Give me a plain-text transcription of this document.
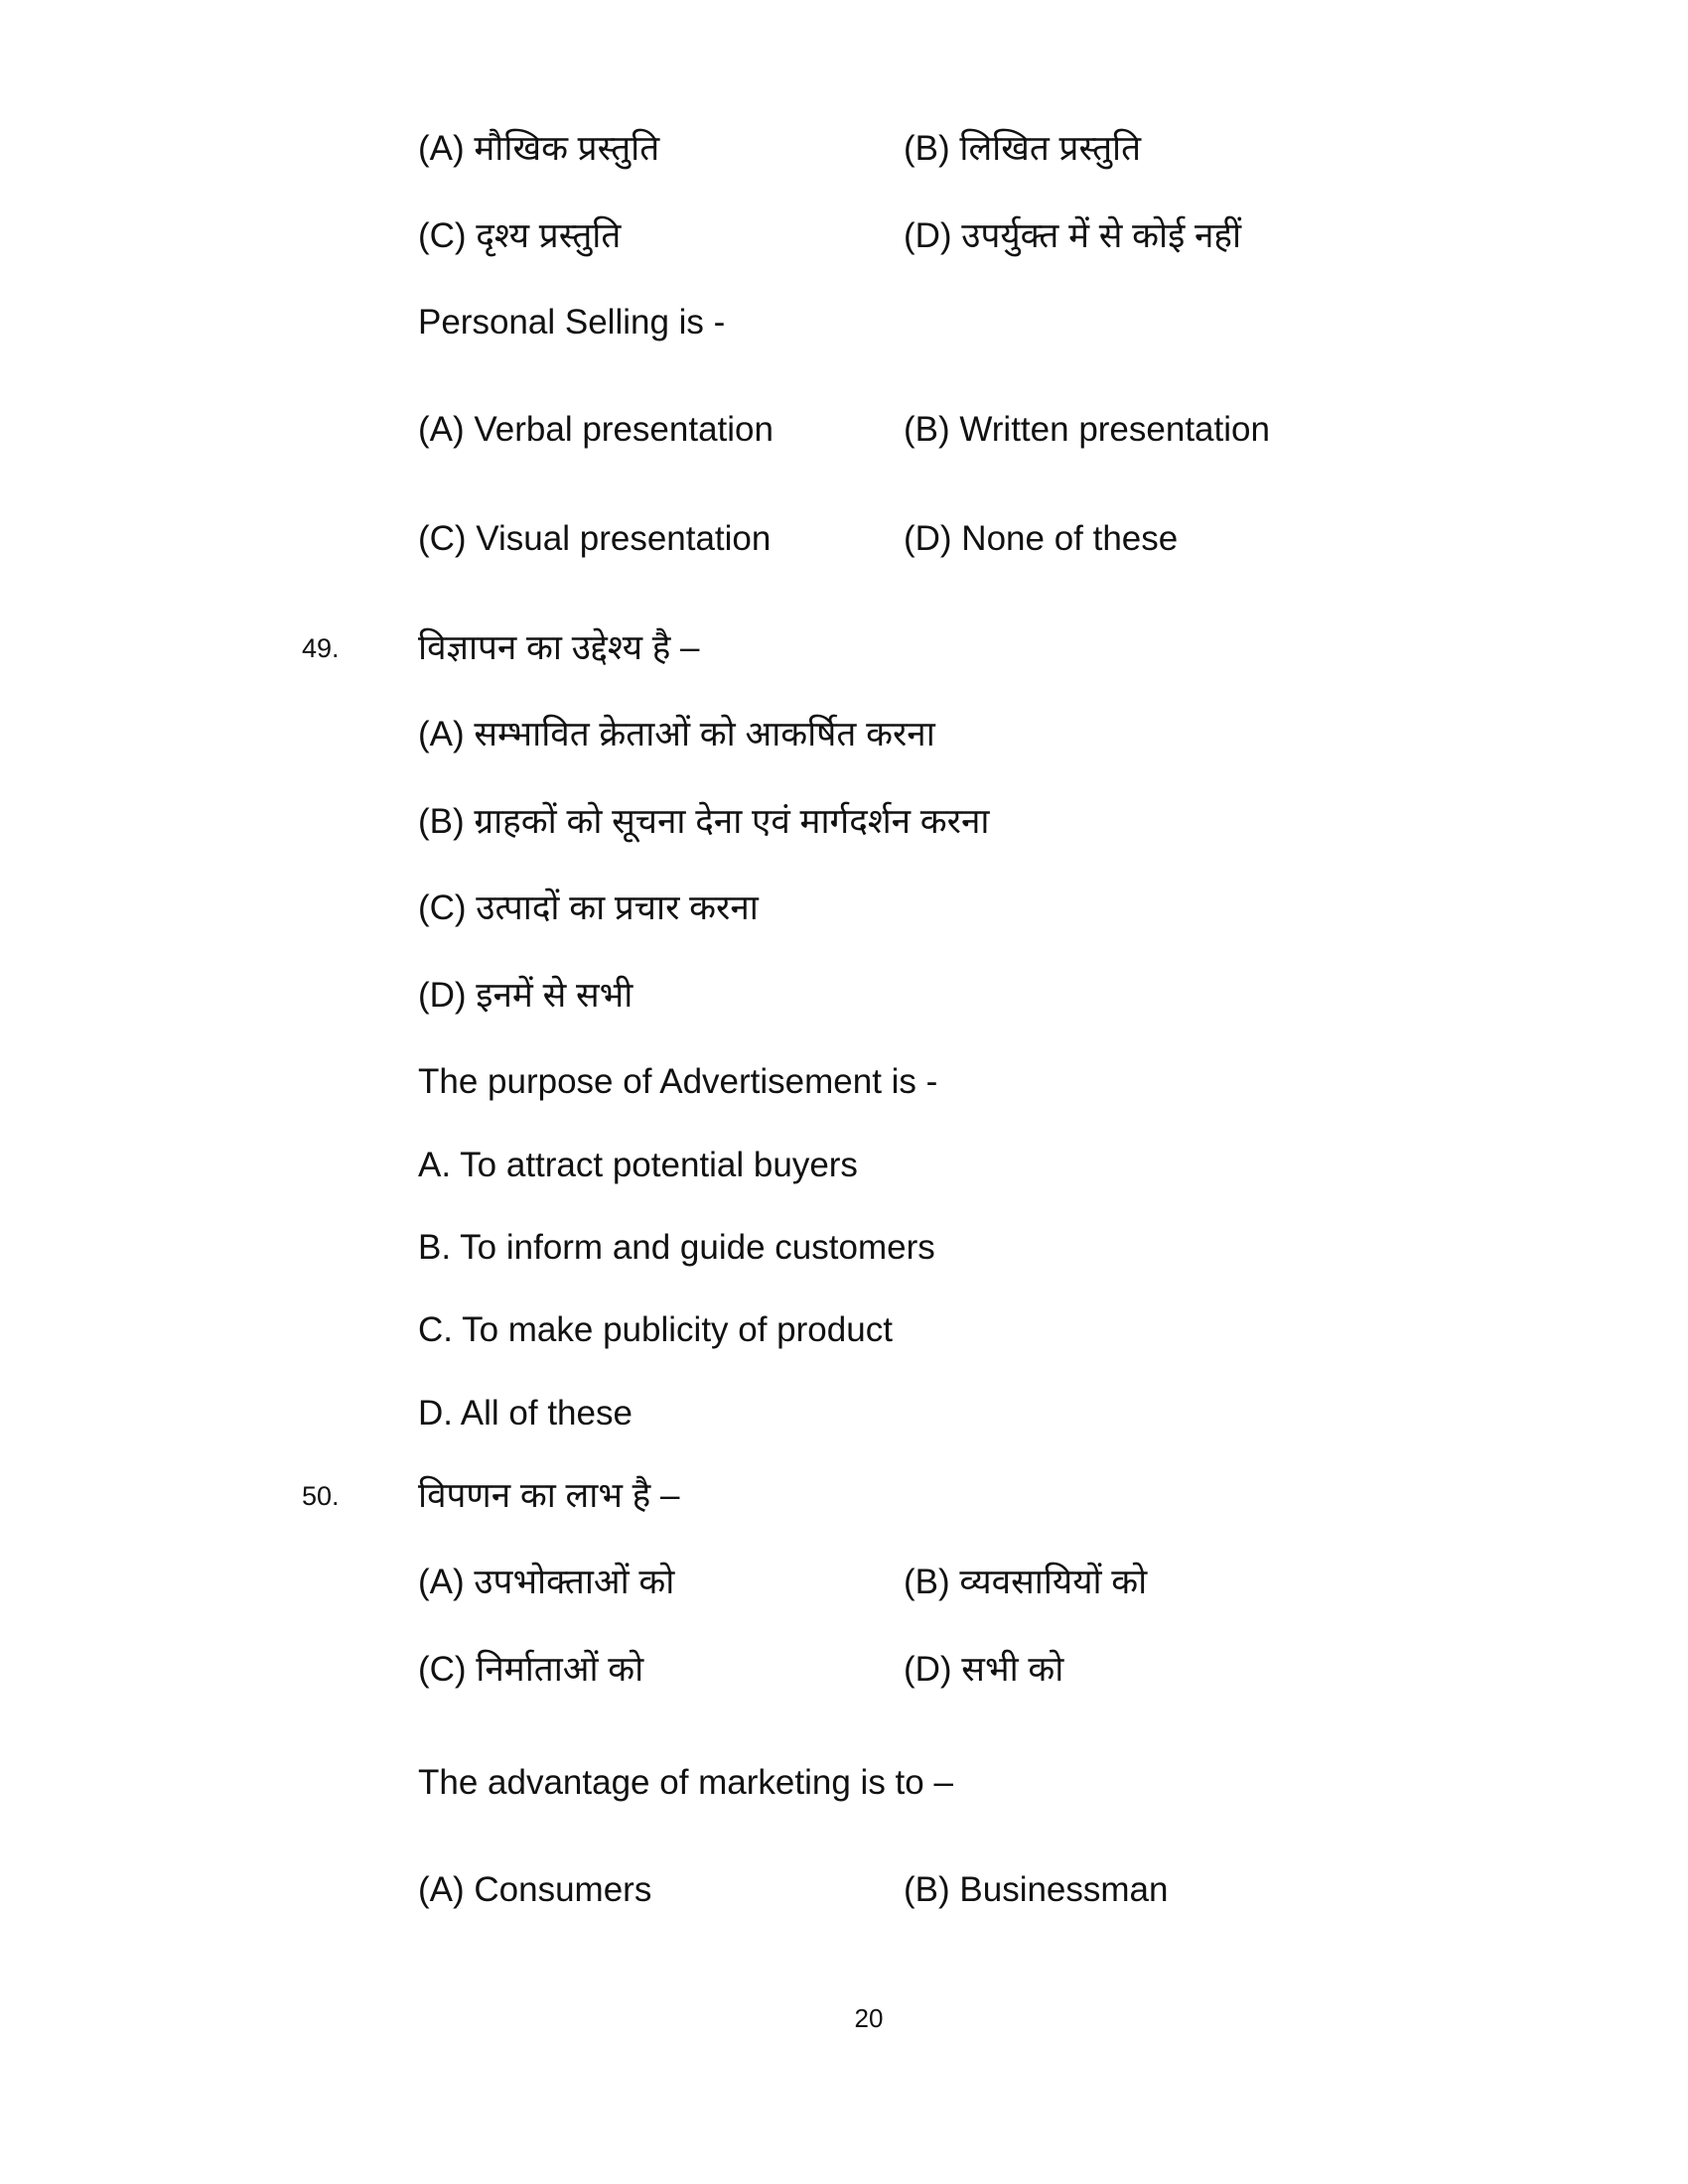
(A) मौखिक प्रस्तुति	(B) लिखित प्रस्तुति
(C) दृश्य प्रस्तुति	(D) उपर्युक्त में से कोई नहीं
Personal Selling is -
(A) Verbal presentation	(B) Written presentation
(C) Visual presentation	(D) None of these
49. विज्ञापन का उद्देश्य है –
(A) सम्भावित क्रेताओं को आकर्षित करना
(B) ग्राहकों को सूचना देना एवं मार्गदर्शन करना
(C) उत्पादों का प्रचार करना
(D) इनमें से सभी
The purpose of Advertisement is -
A. To attract potential buyers
B. To inform and guide customers
C. To make publicity of product
D. All of these
50. विपणन का लाभ है –
(A) उपभोक्ताओं को	(B) व्यवसायियों को
(C) निर्माताओं को	(D) सभी को
The advantage of marketing is to –
(A) Consumers	(B) Businessman
20
